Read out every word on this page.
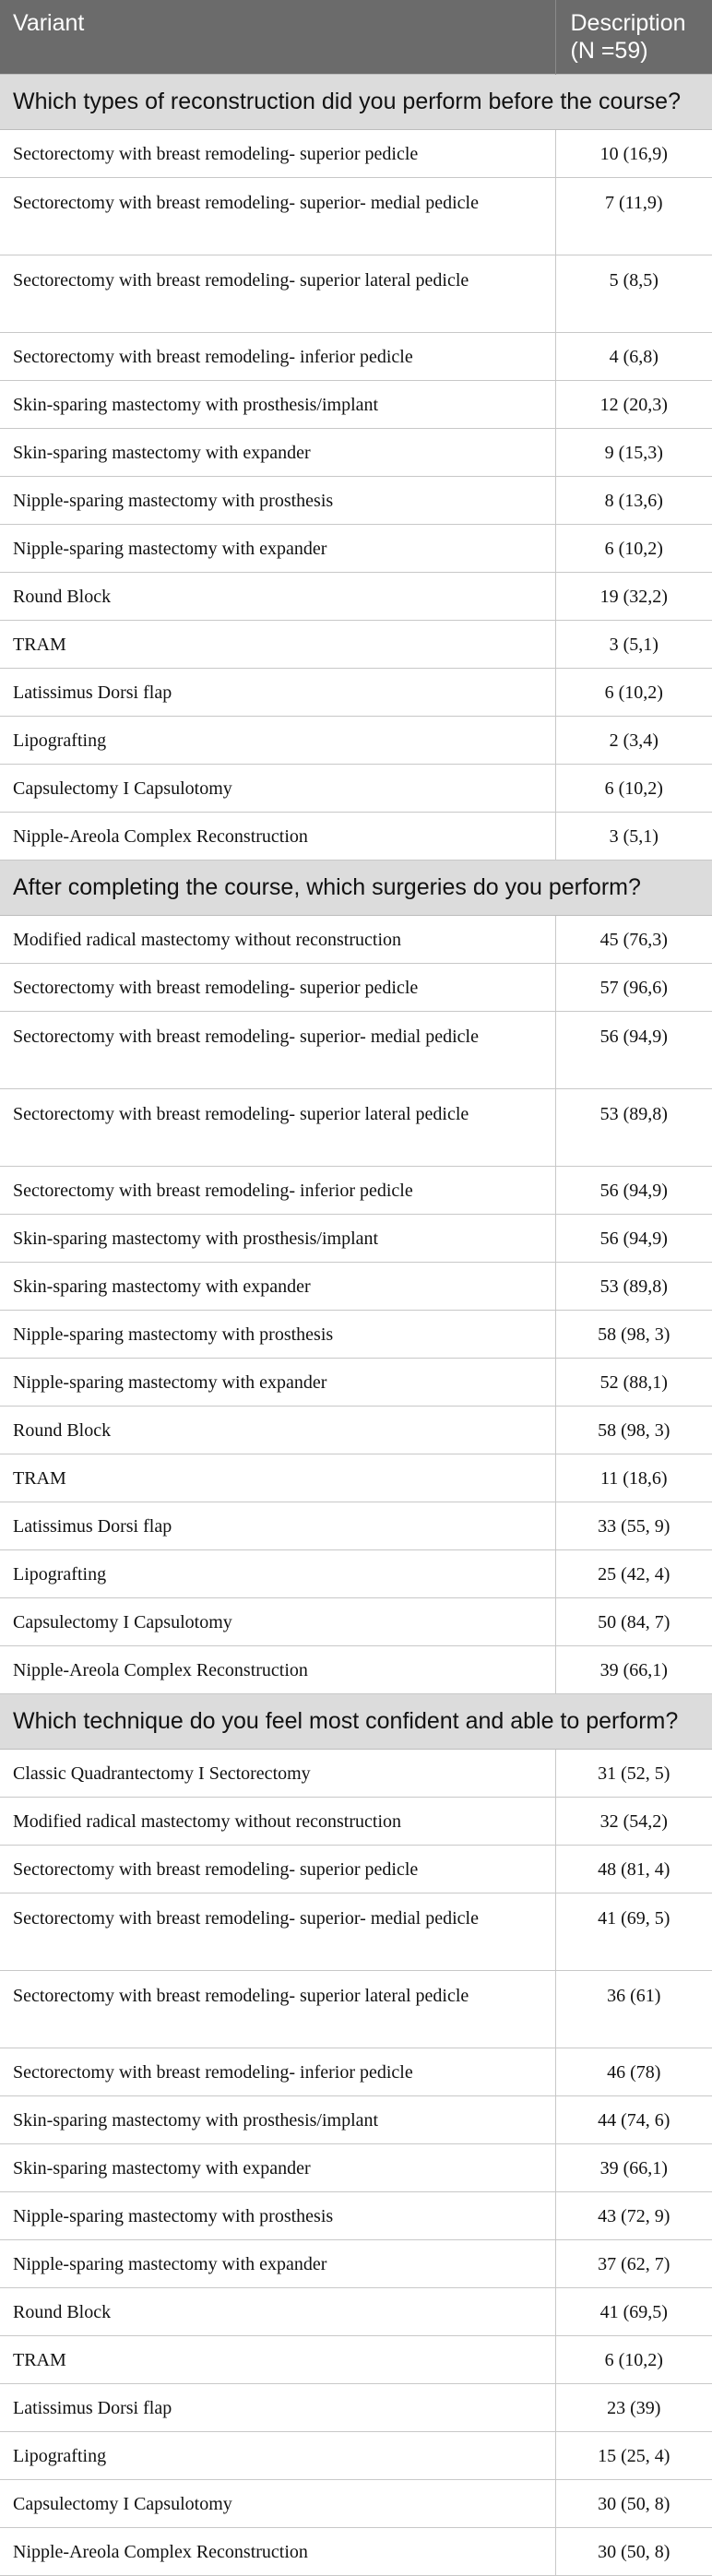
Variant	Description
(N =59)
Which types of reconstruction did you perform before the course?	
Sectorectomy with breast remodeling- superior pedicle	10 (16,9)
Sectorectomy with breast remodeling- superior- medial pedicle	7 (11,9)
Sectorectomy with breast remodeling- superior lateral pedicle	5 (8,5)
Sectorectomy with breast remodeling- inferior pedicle	4 (6,8)
Skin-sparing mastectomy with prosthesis/implant	12 (20,3)
Skin-sparing mastectomy with expander	9 (15,3)
Nipple-sparing mastectomy with prosthesis	8 (13,6)
Nipple-sparing mastectomy with expander	6 (10,2)
Round Block	19 (32,2)
TRAM	3 (5,1)
Latissimus Dorsi flap	6 (10,2)
Lipografting	2 (3,4)
Capsulectomy I Capsulotomy	6 (10,2)
Nipple-Areola Complex Reconstruction	3 (5,1)
After completing the course, which surgeries do you perform?	
Modified radical mastectomy without reconstruction	45 (76,3)
Sectorectomy with breast remodeling- superior pedicle	57 (96,6)
Sectorectomy with breast remodeling- superior- medial pedicle	56 (94,9)
Sectorectomy with breast remodeling- superior lateral pedicle	53 (89,8)
Sectorectomy with breast remodeling- inferior pedicle	56 (94,9)
Skin-sparing mastectomy with prosthesis/implant	56 (94,9)
Skin-sparing mastectomy with expander	53 (89,8)
Nipple-sparing mastectomy with prosthesis	58 (98, 3)
Nipple-sparing mastectomy with expander	52 (88,1)
Round Block	58 (98, 3)
TRAM	11 (18,6)
Latissimus Dorsi flap	33 (55, 9)
Lipografting	25 (42, 4)
Capsulectomy I Capsulotomy	50 (84, 7)
Nipple-Areola Complex Reconstruction	39 (66,1)
Which technique do you feel most confident and able to perform?	
Classic Quadrantectomy I Sectorectomy	31 (52, 5)
Modified radical mastectomy without reconstruction	32 (54,2)
Sectorectomy with breast remodeling- superior pedicle	48 (81, 4)
Sectorectomy with breast remodeling- superior- medial pedicle	41 (69, 5)
Sectorectomy with breast remodeling- superior lateral pedicle	36 (61)
Sectorectomy with breast remodeling- inferior pedicle	46 (78)
Skin-sparing mastectomy with prosthesis/implant	44 (74, 6)
Skin-sparing mastectomy with expander	39 (66,1)
Nipple-sparing mastectomy with prosthesis	43 (72, 9)
Nipple-sparing mastectomy with expander	37 (62, 7)
Round Block	41 (69,5)
TRAM	6 (10,2)
Latissimus Dorsi flap	23 (39)
Lipografting	15 (25, 4)
Capsulectomy I Capsulotomy	30 (50, 8)
Nipple-Areola Complex Reconstruction	30 (50, 8)
